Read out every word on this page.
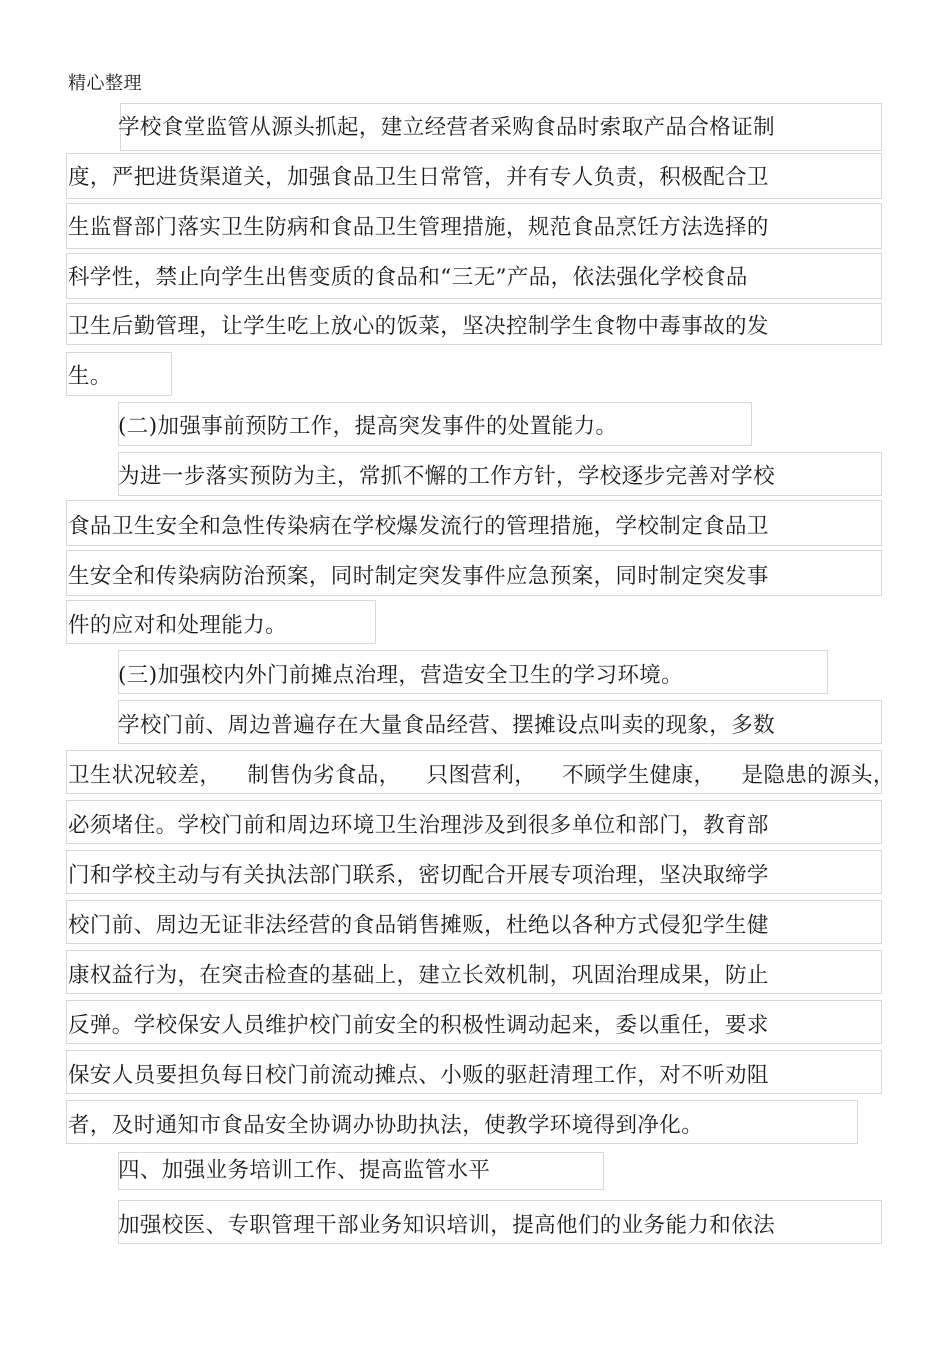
精心整理
学校食堂监管从源头抓起，建立经营者采购食品时索取产品合格证制
度，严把进货渠道关，加强食品卫生日常管，并有专人负责，积极配合卫
生监督部门落实卫生防病和食品卫生管理措施，规范食品烹饪方法选择的
科学性，禁止向学生出售变质的食品和“三无”产品，依法强化学校食品
卫生后勤管理，让学生吃上放心的饭菜，坚决控制学生食物中毒事故的发
生。
(二)加强事前预防工作，提高突发事件的处置能力。
为进一步落实预防为主，常抓不懈的工作方针，学校逐步完善对学校
食品卫生安全和急性传染病在学校爆发流行的管理措施，学校制定食品卫
生安全和传染病防治预案，同时制定突发事件应急预案，同时制定突发事
件的应对和处理能力。
(三)加强校内外门前摊点治理，营造安全卫生的学习环境。
学校门前、周边普遍存在大量食品经营、摆摊设点叫卖的现象，多数
卫生状况较差， 制售伪劣食品， 只图营利， 不顾学生健康， 是隐患的源头，
必须堵住。学校门前和周边环境卫生治理涉及到很多单位和部门，教育部
门和学校主动与有关执法部门联系，密切配合开展专项治理，坚决取缔学
校门前、周边无证非法经营的食品销售摊贩，杜绝以各种方式侵犯学生健
康权益行为，在突击检查的基础上，建立长效机制，巩固治理成果，防止
反弹。学校保安人员维护校门前安全的积极性调动起来，委以重任，要求
保安人员要担负每日校门前流动摊点、小贩的驱赶清理工作，对不听劝阻
者，及时通知市食品安全协调办协助执法，使教学环境得到净化。
四、加强业务培训工作、提高监管水平
加强校医、专职管理干部业务知识培训，提高他们的业务能力和依法
